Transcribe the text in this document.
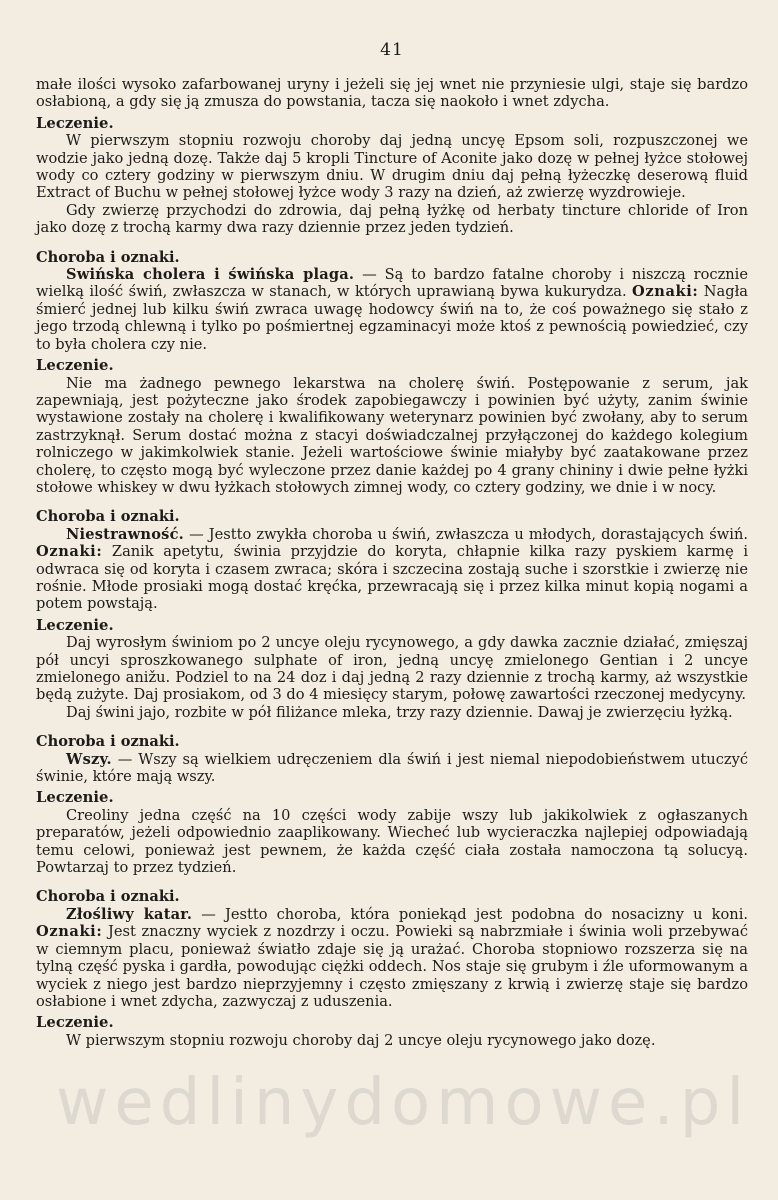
41
małe ilości wysoko zafarbowanej uryny i jeżeli się jej wnet nie przyniesie ulgi, staje się bardzo osłabioną, a gdy się ją zmusza do powstania, tacza się naokoło i wnet zdycha.
Leczenie.
W pierwszym stopniu rozwoju choroby daj jedną uncyę Epsom soli, rozpuszczonej we wodzie jako jedną dozę. Także daj 5 kropli Tincture of Aconite jako dozę w pełnej łyżce stołowej wody co cztery godziny w pierwszym dniu. W drugim dniu daj pełną łyżeczkę deserową fluid Extract of Buchu w pełnej stołowej łyżce wody 3 razy na dzień, aż zwierzę wyzdrowieje.
Gdy zwierzę przychodzi do zdrowia, daj pełną łyżkę od herbaty tincture chloride of Iron jako dozę z trochą karmy dwa razy dziennie przez jeden tydzień.
Choroba i oznaki.
Swińska cholera i świńska plaga. — Są to bardzo fatalne choroby i niszczą rocznie wielką ilość świń, zwłaszcza w stanach, w których uprawianą bywa kukurydza. Oznaki: Nagła śmierć jednej lub kilku świń zwraca uwagę hodowcy świń na to, że coś poważnego się stało z jego trzodą chlewną i tylko po pośmiertnej egzaminacyi może ktoś z pewnością powiedzieć, czy to była cholera czy nie.
Leczenie.
Nie ma żadnego pewnego lekarstwa na cholerę świń. Postępowanie z serum, jak zapewniają, jest pożyteczne jako środek zapobiegawczy i powinien być użyty, zanim świnie wystawione zostały na cholerę i kwalifikowany weterynarz powinien być zwołany, aby to serum zastrzyknął. Serum dostać można z stacyi doświadczalnej przyłączonej do każdego kolegium rolniczego w jakimkolwiek stanie. Jeżeli wartościowe świnie miałyby być zaatakowane przez cholerę, to często mogą być wyleczone przez danie każdej po 4 grany chininy i dwie pełne łyżki stołowe whiskey w dwu łyżkach stołowych zimnej wody, co cztery godziny, we dnie i w nocy.
Choroba i oznaki.
Niestrawność. — Jestto zwykła choroba u świń, zwłaszcza u młodych, dorastających świń. Oznaki: Zanik apetytu, świnia przyjdzie do koryta, chłapnie kilka razy pyskiem karmę i odwraca się od koryta i czasem zwraca; skóra i szczecina zostają suche i szorstkie i zwierzę nie rośnie. Młode prosiaki mogą dostać kręćka, przewracają się i przez kilka minut kopią nogami a potem powstają.
Leczenie.
Daj wyrosłym świniom po 2 uncye oleju rycynowego, a gdy dawka zacznie działać, zmięszaj pół uncyi sproszkowanego sulphate of iron, jedną uncyę zmielonego Gentian i 2 uncye zmielonego anižu. Podziel to na 24 doz i daj jedną 2 razy dziennie z trochą karmy, aż wszystkie będą zużyte. Daj prosiakom, od 3 do 4 miesięcy starym, połowę zawartości rzeczonej medycyny.
Daj świni jajo, rozbite w pół filiżance mleka, trzy razy dziennie. Dawaj je zwierzęciu łyżką.
Choroba i oznaki.
Wszy. — Wszy są wielkiem udręczeniem dla świń i jest niemal niepodobieństwem utuczyć świnie, które mają wszy.
Leczenie.
Creoliny jedna część na 10 części wody zabije wszy lub jakikolwiek z ogłaszanych preparatów, jeżeli odpowiednio zaaplikowany. Wiecheć lub wycieraczka najlepiej odpowiadają temu celowi, ponieważ jest pewnem, że każda część ciała została namoczona tą solucyą. Powtarzaj to przez tydzień.
Choroba i oznaki.
Złośliwy katar. — Jestto choroba, która poniekąd jest podobna do nosacizny u koni. Oznaki: Jest znaczny wyciek z nozdrzy i oczu. Powieki są nabrzmiałe i świnia woli przebywać w ciemnym placu, ponieważ światło zdaje się ją urażać. Choroba stopniowo rozszerza się na tylną część pyska i gardła, powodując ciężki oddech. Nos staje się grubym i źle uformowanym a wyciek z niego jest bardzo nieprzyjemny i często zmięszany z krwią i zwierzę staje się bardzo osłabione i wnet zdycha, zazwyczaj z uduszenia.
Leczenie.
W pierwszym stopniu rozwoju choroby daj 2 uncye oleju rycynowego jako dozę.
wedlinydomowe.pl
